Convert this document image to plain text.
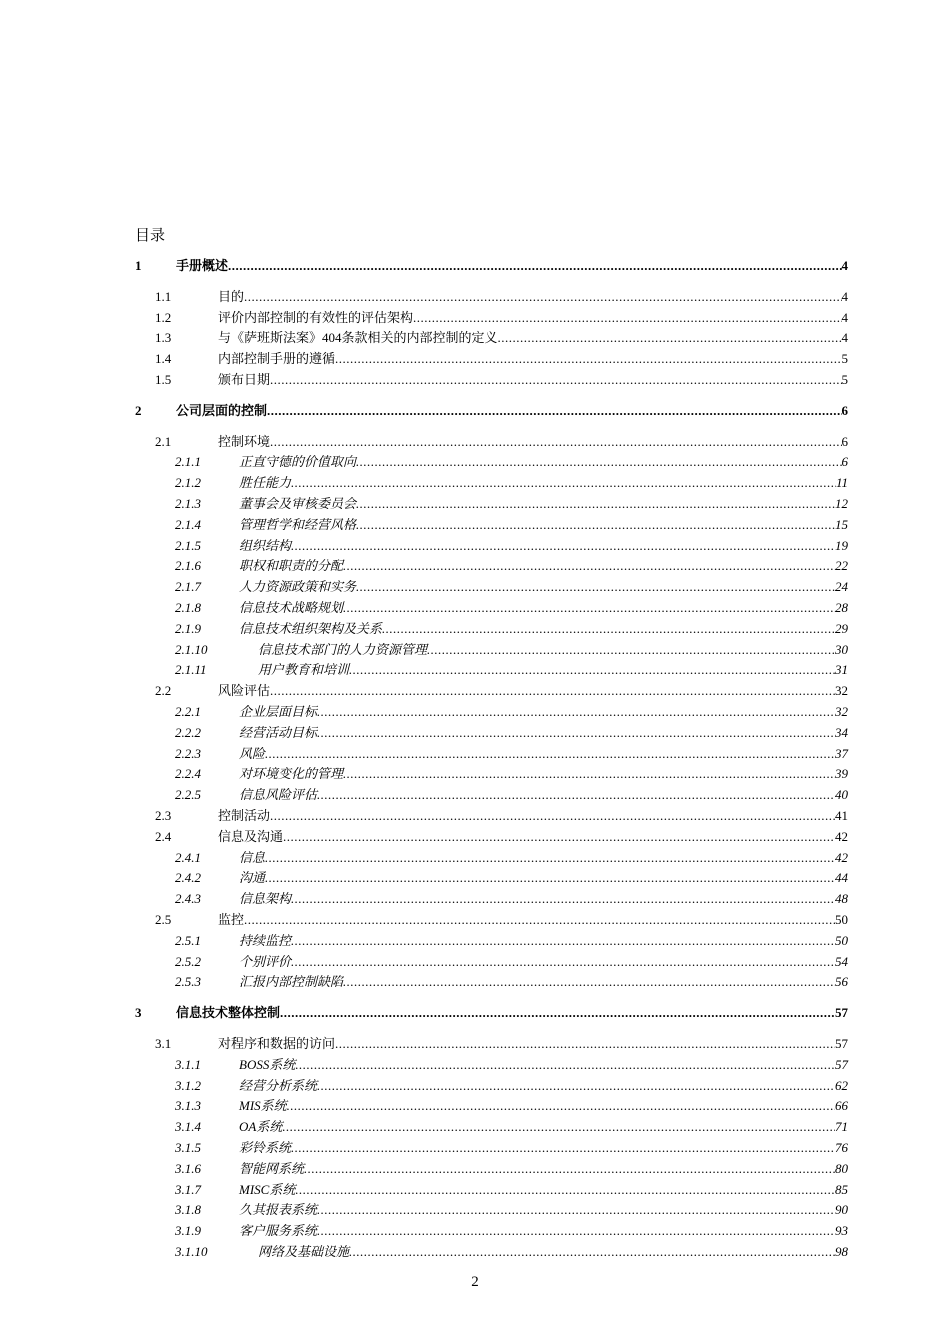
目录
1	手册概述 .....	4
1.1	目的 .....	4
1.2	评价内部控制的有效性的评估架构 .....	4
1.3	与《萨班斯法案》404条款相关的内部控制的定义 .....	4
1.4	内部控制手册的遵循 .....	5
1.5	颁布日期 .....	5
2	公司层面的控制 .....	6
2.1	控制环境 .....	6
2.1.1	正直守德的价值取向 .....	6
2.1.2	胜任能力 .....	11
2.1.3	董事会及审核委员会 .....	12
2.1.4	管理哲学和经营风格 .....	15
2.1.5	组织结构 .....	19
2.1.6	职权和职责的分配 .....	22
2.1.7	人力资源政策和实务 .....	24
2.1.8	信息技术战略规划 .....	28
2.1.9	信息技术组织架构及关系 .....	29
2.1.10	信息技术部门的人力资源管理 .....	30
2.1.11	用户教育和培训 .....	31
2.2	风险评估 .....	32
2.2.1	企业层面目标 .....	32
2.2.2	经营活动目标 .....	34
2.2.3	风险 .....	37
2.2.4	对环境变化的管理 .....	39
2.2.5	信息风险评估 .....	40
2.3	控制活动 .....	41
2.4	信息及沟通 .....	42
2.4.1	信息 .....	42
2.4.2	沟通 .....	44
2.4.3	信息架构 .....	48
2.5	监控 .....	50
2.5.1	持续监控 .....	50
2.5.2	个别评价 .....	54
2.5.3	汇报内部控制缺陷 .....	56
3	信息技术整体控制 .....	57
3.1	对程序和数据的访问 .....	57
3.1.1	BOSS系统 .....	57
3.1.2	经营分析系统 .....	62
3.1.3	MIS系统 .....	66
3.1.4	OA系统 .....	71
3.1.5	彩铃系统 .....	76
3.1.6	智能网系统 .....	80
3.1.7	MISC系统 .....	85
3.1.8	久其报表系统 .....	90
3.1.9	客户服务系统 .....	93
3.1.10	网络及基础设施 .....	98
2
